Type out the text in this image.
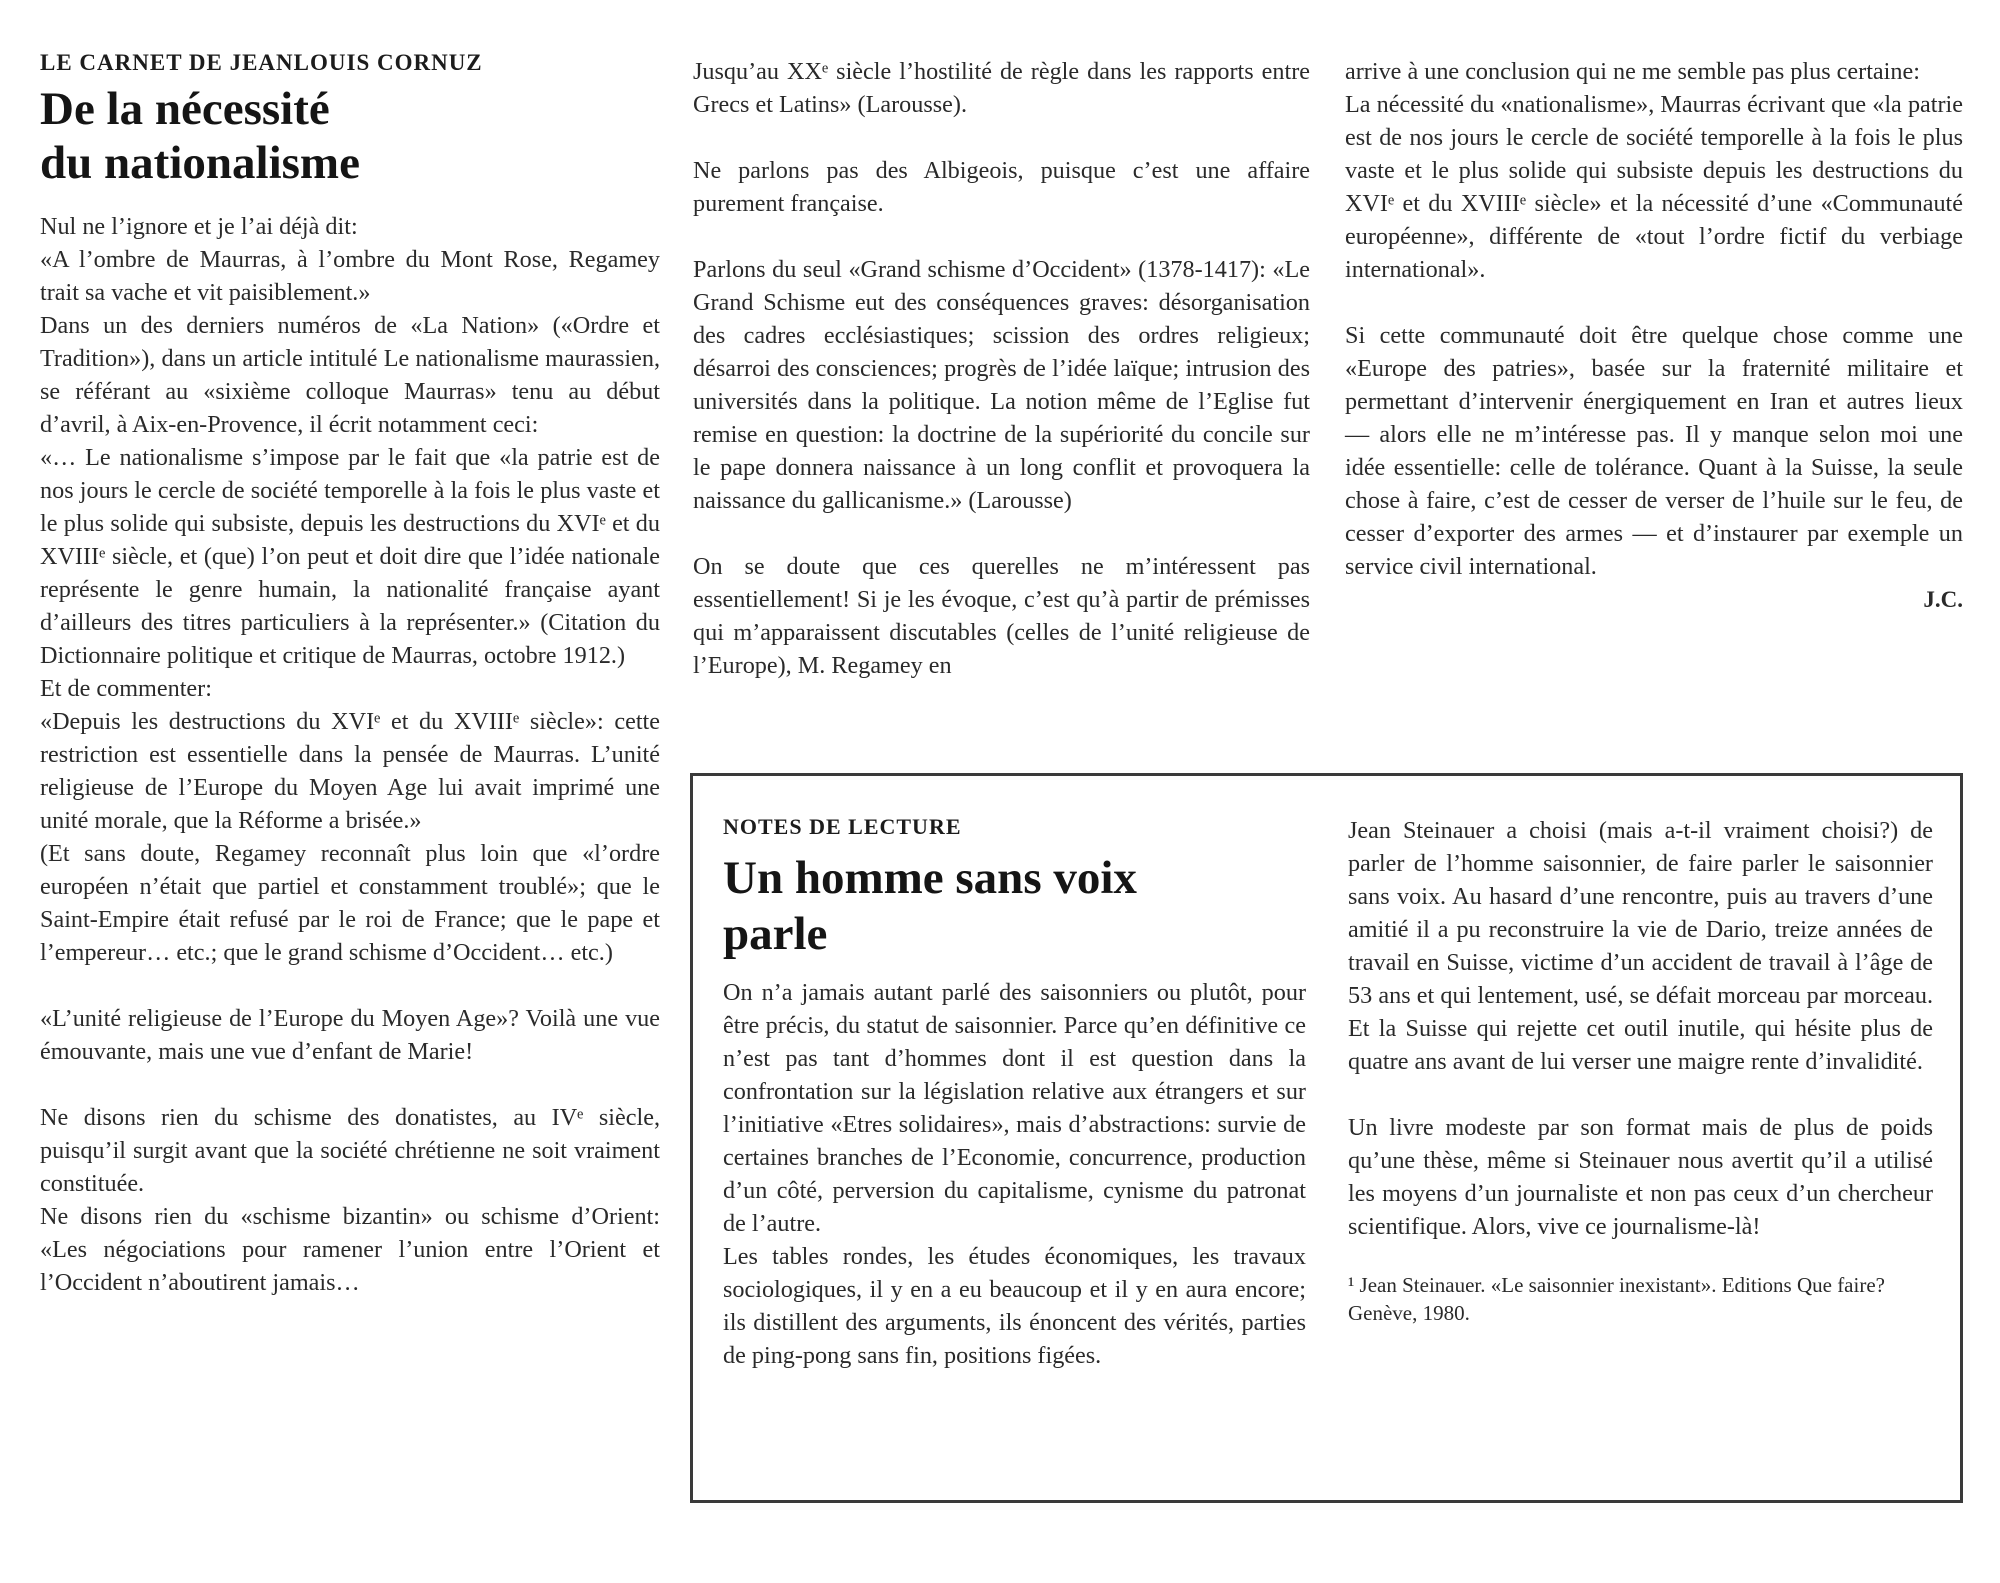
LE CARNET DE JEANLOUIS CORNUZ
De la nécessité
du nationalisme

Nul ne l’ignore et je l’ai déjà dit:

«A l’ombre de Maurras, à l’ombre du Mont Rose, Regamey trait sa vache et vit paisiblement.»

Dans un des derniers numéros de «La Nation» («Ordre et Tradition»), dans un article intitulé Le nationalisme maurassien, se référant au «sixième colloque Maurras» tenu au début d’avril, à Aix-en-Provence, il écrit notamment ceci:

«… Le nationalisme s’impose par le fait que «la patrie est de nos jours le cercle de société temporelle à la fois le plus vaste et le plus solide qui subsiste, depuis les destructions du XVIᵉ et du XVIIIᵉ siècle, et (que) l’on peut et doit dire que l’idée nationale représente le genre humain, la nationalité française ayant d’ailleurs des titres particuliers à la représenter.» (Citation du Dictionnaire politique et critique de Maurras, octobre 1912.)

Et de commenter:

«Depuis les destructions du XVIᵉ et du XVIIIᵉ siècle»: cette restriction est essentielle dans la pensée de Maurras. L’unité religieuse de l’Europe du Moyen Age lui avait imprimé une unité morale, que la Réforme a brisée.»

(Et sans doute, Regamey reconnaît plus loin que «l’ordre européen n’était que partiel et constamment troublé»; que le Saint-Empire était refusé par le roi de France; que le pape et l’empereur… etc.; que le grand schisme d’Occident… etc.)

«L’unité religieuse de l’Europe du Moyen Age»? Voilà une vue émouvante, mais une vue d’enfant de Marie!

Ne disons rien du schisme des donatistes, au IVᵉ siècle, puisqu’il surgit avant que la société chrétienne ne soit vraiment constituée.

Ne disons rien du «schisme bizantin» ou schisme d’Orient: «Les négociations pour ramener l’union entre l’Orient et l’Occident n’aboutirent jamais…

Jusqu’au XXᵉ siècle l’hostilité de règle dans les rapports entre Grecs et Latins» (Larousse).

Ne parlons pas des Albigeois, puisque c’est une affaire purement française.

Parlons du seul «Grand schisme d’Occident» (1378-1417): «Le Grand Schisme eut des conséquences graves: désorganisation des cadres ecclésiastiques; scission des ordres religieux; désarroi des consciences; progrès de l’idée laïque; intrusion des universités dans la politique. La notion même de l’Eglise fut remise en question: la doctrine de la supériorité du concile sur le pape donnera naissance à un long conflit et provoquera la naissance du gallicanisme.» (Larousse)

On se doute que ces querelles ne m’intéressent pas essentiellement! Si je les évoque, c’est qu’à partir de prémisses qui m’apparaissent discutables (celles de l’unité religieuse de l’Europe), M. Regamey en

arrive à une conclusion qui ne me semble pas plus certaine:

La nécessité du «nationalisme», Maurras écrivant que «la patrie est de nos jours le cercle de société temporelle à la fois le plus vaste et le plus solide qui subsiste depuis les destructions du XVIᵉ et du XVIIIᵉ siècle» et la nécessité d’une «Communauté européenne», différente de «tout l’ordre fictif du verbiage international».

Si cette communauté doit être quelque chose comme une «Europe des patries», basée sur la fraternité militaire et permettant d’intervenir énergiquement en Iran et autres lieux — alors elle ne m’intéresse pas. Il y manque selon moi une idée essentielle: celle de tolérance. Quant à la Suisse, la seule chose à faire, c’est de cesser de verser de l’huile sur le feu, de cesser d’exporter des armes — et d’instaurer par exemple un service civil international.

J.C.
NOTES DE LECTURE
Un homme sans voix
parle

On n’a jamais autant parlé des saisonniers ou plutôt, pour être précis, du statut de saisonnier. Parce qu’en définitive ce n’est pas tant d’hommes dont il est question dans la confrontation sur la législation relative aux étrangers et sur l’initiative «Etres solidaires», mais d’abstractions: survie de certaines branches de l’Economie, concurrence, production d’un côté, perversion du capitalisme, cynisme du patronat de l’autre.

Les tables rondes, les études économiques, les travaux sociologiques, il y en a eu beaucoup et il y en aura encore; ils distillent des arguments, ils énoncent des vérités, parties de ping-pong sans fin, positions figées.

Jean Steinauer a choisi (mais a-t-il vraiment choisi?) de parler de l’homme saisonnier, de faire parler le saisonnier sans voix. Au hasard d’une rencontre, puis au travers d’une amitié il a pu reconstruire la vie de Dario, treize années de travail en Suisse, victime d’un accident de travail à l’âge de 53 ans et qui lentement, usé, se défait morceau par morceau. Et la Suisse qui rejette cet outil inutile, qui hésite plus de quatre ans avant de lui verser une maigre rente d’invalidité.

Un livre modeste par son format mais de plus de poids qu’une thèse, même si Steinauer nous avertit qu’il a utilisé les moyens d’un journaliste et non pas ceux d’un chercheur scientifique. Alors, vive ce journalisme-là!

¹ Jean Steinauer. «Le saisonnier inexistant». Editions Que faire? Genève, 1980.
